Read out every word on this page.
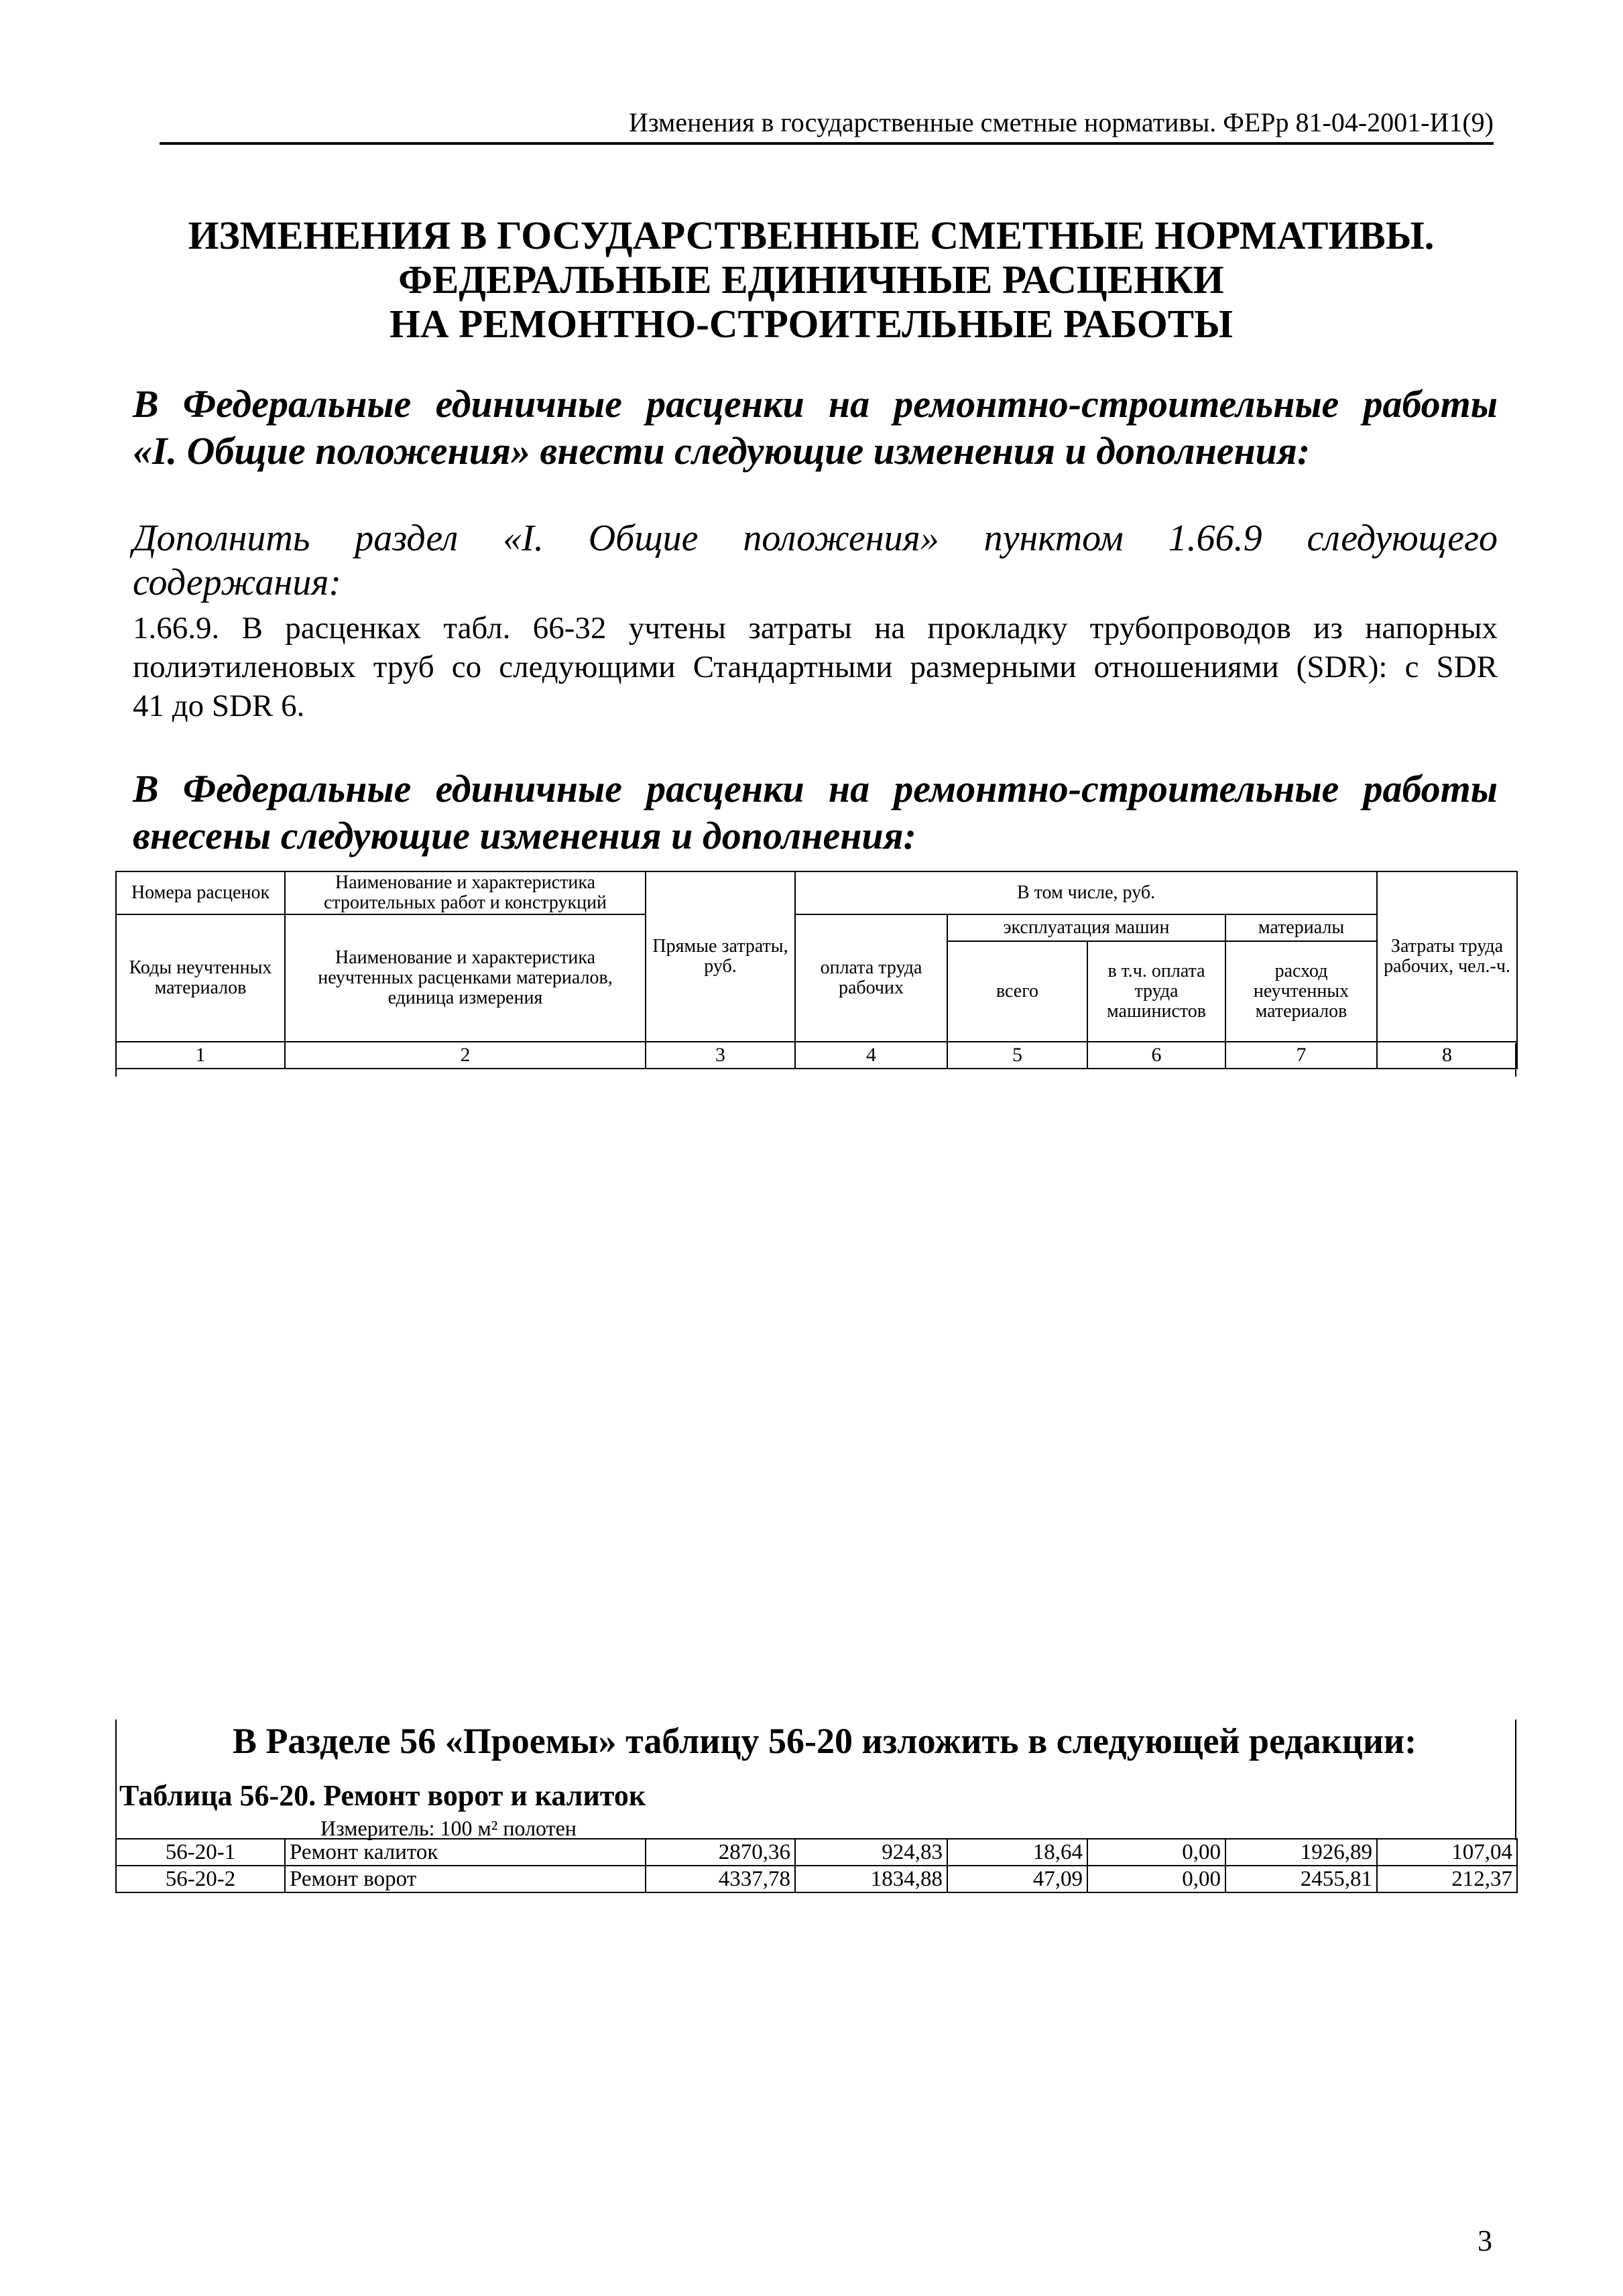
Изменения в государственные сметные нормативы. ФЕРр 81-04-2001-И1(9)
ИЗМЕНЕНИЯ В ГОСУДАРСТВЕННЫЕ СМЕТНЫЕ НОРМАТИВЫ.
ФЕДЕРАЛЬНЫЕ ЕДИНИЧНЫЕ РАСЦЕНКИ
НА РЕМОНТНО-СТРОИТЕЛЬНЫЕ РАБОТЫ
В Федеральные единичные расценки на ремонтно-строительные работы
«I. Общие положения» внести следующие изменения и дополнения:
Дополнить раздел «I. Общие положения» пунктом 1.66.9 следующего
содержания:
1.66.9. В расценках табл. 66-32 учтены затраты на прокладку трубопроводов из напорных
полиэтиленовых труб со следующими Стандартными размерными отношениями (SDR): с SDR
41 до SDR 6.
В Федеральные единичные расценки на ремонтно-строительные работы
внесены следующие изменения и дополнения:
Номера расценок	Наименование и характеристика строительных работ и конструкций	Прямые затраты, руб.	В том числе, руб.				Затраты труда рабочих, чел.-ч.
Коды неучтенных материалов	Наименование и характеристика неучтенных расценками материалов, единица измерения		оплата труда рабочих	эксплуатация машин		материалы	
				всего	в т.ч. оплата труда машинистов	расход неучтенных материалов	
1	2	3	4	5	6	7	8
В Разделе 56 «Проемы» таблицу 56-20 изложить в следующей редакции:
Таблица 56-20. Ремонт ворот и калиток
Измеритель: 100 м² полотен
56-20-1	Ремонт калиток	2870,36	924,83	18,64	0,00	1926,89	107,04
56-20-2	Ремонт ворот	4337,78	1834,88	47,09	0,00	2455,81	212,37
3
